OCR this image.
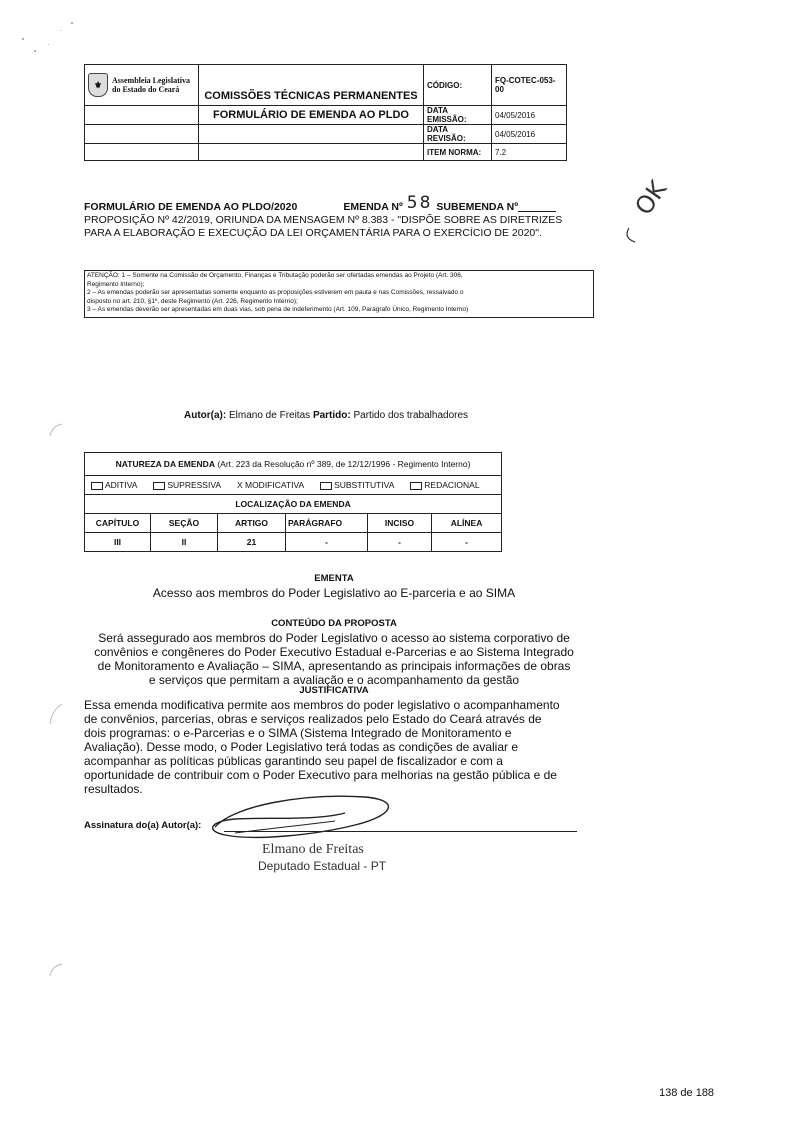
⚜ Assembleia Legislativa
do Estado do Ceará	COMISSÕES TÉCNICAS PERMANENTES	CÓDIGO:	FQ-COTEC-053-00
	FORMULÁRIO DE EMENDA AO PLDO	DATA EMISSÃO:	04/05/2016
		DATA REVISÃO:	04/05/2016
		ITEM NORMA:	7.2
FORMULÁRIO DE EMENDA AO PLDO/2020	EMENDA Nº 58 SUBEMENDA Nº
PROPOSIÇÃO Nº 42/2019, ORIUNDA DA MENSAGEM Nº 8.383 - "DISPÕE SOBRE AS DIRETRIZES
PARA A ELABORAÇÃO E EXECUÇÃO DA LEI ORÇAMENTÁRIA PARA O EXERCÍCIO DE 2020".
OK
ATENÇÃO: 1 – Somente na Comissão de Orçamento, Finanças e Tributação poderão ser ofertadas emendas ao Projeto (Art. 306,
Regimento Interno);
2 – As emendas poderão ser apresentadas somente enquanto as proposições estiverem em pauta e nas Comissões, ressalvado o
disposto no art. 210, §1º, deste Regimento (Art. 226, Regimento Interno);
3 – As emendas deverão ser apresentadas em duas vias, sob pena de indeferimento (Art. 109, Parágrafo Único, Regimento Interno)
Autor(a): Elmano de Freitas Partido: Partido dos trabalhadores
NATUREZA DA EMENDA (Art. 223 da Resolução nº 389, de 12/12/1996 - Regimento Interno)					
ADITIVA SUPRESSIVA X MODIFICATIVA SUBSTITUTIVA REDACIONAL					
LOCALIZAÇÃO DA EMENDA					
CAPÍTULO	SEÇÃO	ARTIGO	PARÁGRAFO	INCISO	ALÍNEA
III	II	21	-	-	-
EMENTA
Acesso aos membros do Poder Legislativo ao E-parceria e ao SIMA
CONTEÚDO DA PROPOSTA
Será assegurado aos membros do Poder Legislativo o acesso ao sistema corporativo de
convênios e congêneres do Poder Executivo Estadual e-Parcerias e ao Sistema Integrado
de Monitoramento e Avaliação – SIMA, apresentando as principais informações de obras
e serviços que permitam a avaliação e o acompanhamento da gestão
JUSTIFICATIVA
Essa emenda modificativa permite aos membros do poder legislativo o acompanhamento
de convênios, parcerias, obras e serviços realizados pelo Estado do Ceará através de
dois programas: o e-Parcerias e o SIMA (Sistema Integrado de Monitoramento e
Avaliação). Desse modo, o Poder Legislativo terá todas as condições de avaliar e
acompanhar as políticas públicas garantindo seu papel de fiscalizador e com a
oportunidade de contribuir com o Poder Executivo para melhorias na gestão pública e de
resultados.
Assinatura do(a) Autor(a):
Elmano de Freitas
Deputado Estadual - PT
138 de 188
